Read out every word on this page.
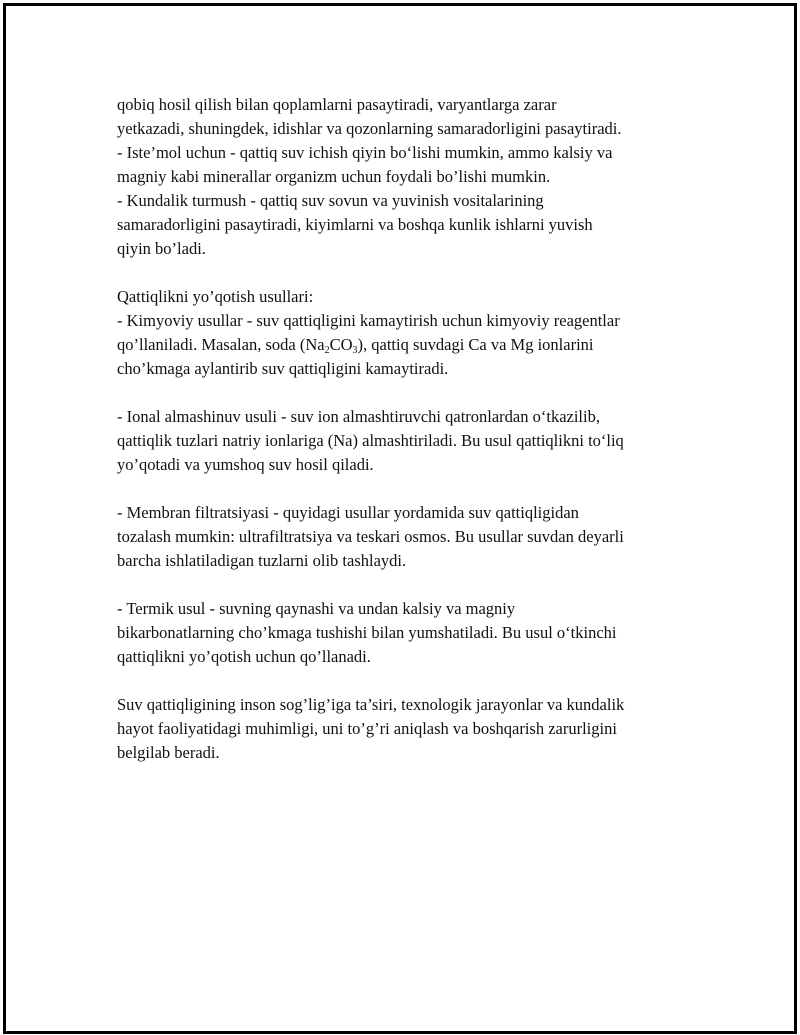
qobiq hosil qilish bilan qoplamlarni pasaytiradi, varyantlarga zarar
yetkazadi, shuningdek, idishlar va qozonlarning samaradorligini pasaytiradi.
- Iste’mol uchun - qattiq suv ichish qiyin bo‘lishi mumkin, ammo kalsiy va
magniy kabi minerallar organizm uchun foydali bo’lishi mumkin.
- Kundalik turmush - qattiq suv sovun va yuvinish vositalarining
samaradorligini pasaytiradi, kiyimlarni va boshqa kunlik ishlarni yuvish
qiyin bo’ladi.
Qattiqlikni yo’qotish usullari:
- Kimyoviy usullar - suv qattiqligini kamaytirish uchun kimyoviy reagentlar
qo’llaniladi. Masalan, soda $(Na_2CO_3)$, qattiq suvdagi Ca va Mg ionlarini
cho’kmaga aylantirib suv qattiqligini kamaytiradi.
- Ional almashinuv usuli - suv ion almashtiruvchi qatronlardan o‘tkazilib,
qattiqlik tuzlari natriy ionlariga (Na) almashtiriladi. Bu usul qattiqlikni to‘liq
yo’qotadi va yumshoq suv hosil qiladi.
- Membran filtratsiyasi - quyidagi usullar yordamida suv qattiqligidan
tozalash mumkin: ultrafiltratsiya va teskari osmos. Bu usullar suvdan deyarli
barcha ishlatiladigan tuzlarni olib tashlaydi.
- Termik usul - suvning qaynashi va undan kalsiy va magniy
bikarbonatlarning cho’kmaga tushishi bilan yumshatiladi. Bu usul o‘tkinchi
qattiqlikni yo’qotish uchun qo’llanadi.
Suv qattiqligining inson sog’lig’iga ta’siri, texnologik jarayonlar va kundalik
hayot faoliyatidagi muhimligi, uni to’g’ri aniqlash va boshqarish zarurligini
belgilab beradi.
